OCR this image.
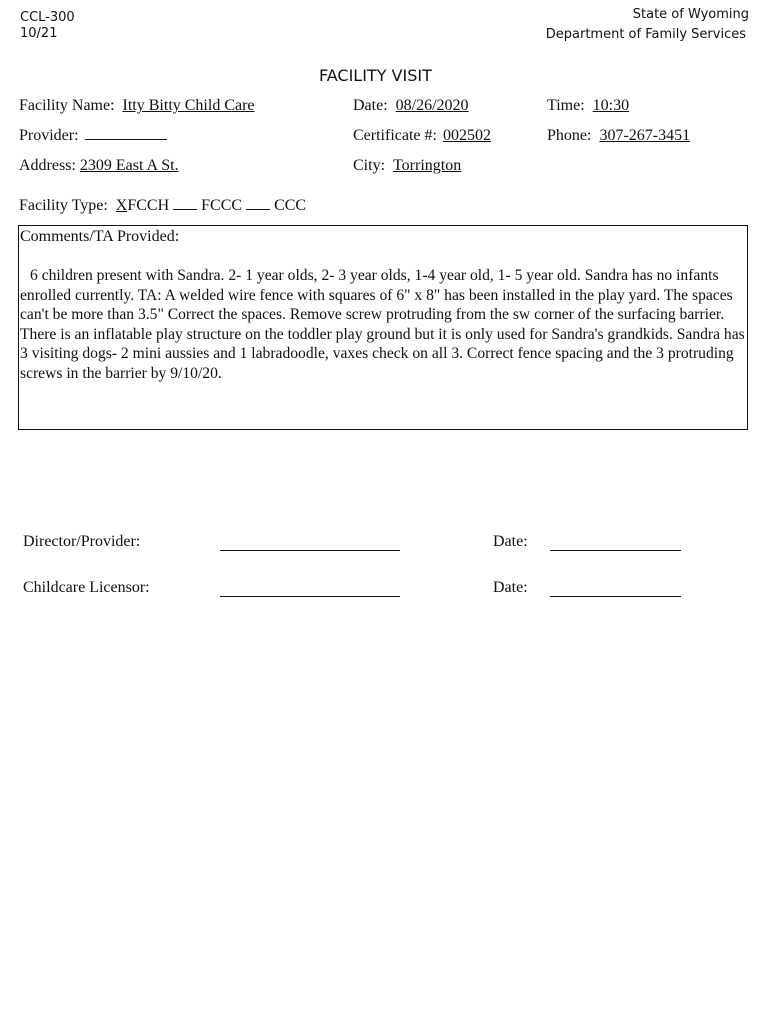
CCL-300
10/21
State of Wyoming
Department of Family Services
FACILITY VISIT
Facility Name: Itty Bitty Child Care	Date: 08/26/2020	Time: 10:30
Provider:	Certificate #: 002502	Phone: 307-267-3451
Address: 2309 East A St.	City: Torrington
Facility Type: XFCCH FCCC CCC
Comments/TA Provided:
6 children present with Sandra. 2- 1 year olds, 2- 3 year olds, 1-4 year old, 1- 5 year old. Sandra has no infants enrolled currently. TA: A welded wire fence with squares of 6" x 8" has been installed in the play yard. The spaces can't be more than 3.5" Correct the spaces. Remove screw protruding from the sw corner of the surfacing barrier. There is an inflatable play structure on the toddler play ground but it is only used for Sandra's grandkids. Sandra has 3 visiting dogs- 2 mini aussies and 1 labradoodle, vaxes check on all 3. Correct fence spacing and the 3 protruding screws in the barrier by 9/10/20.
Director/Provider:	Date:
Childcare Licensor:	Date:
